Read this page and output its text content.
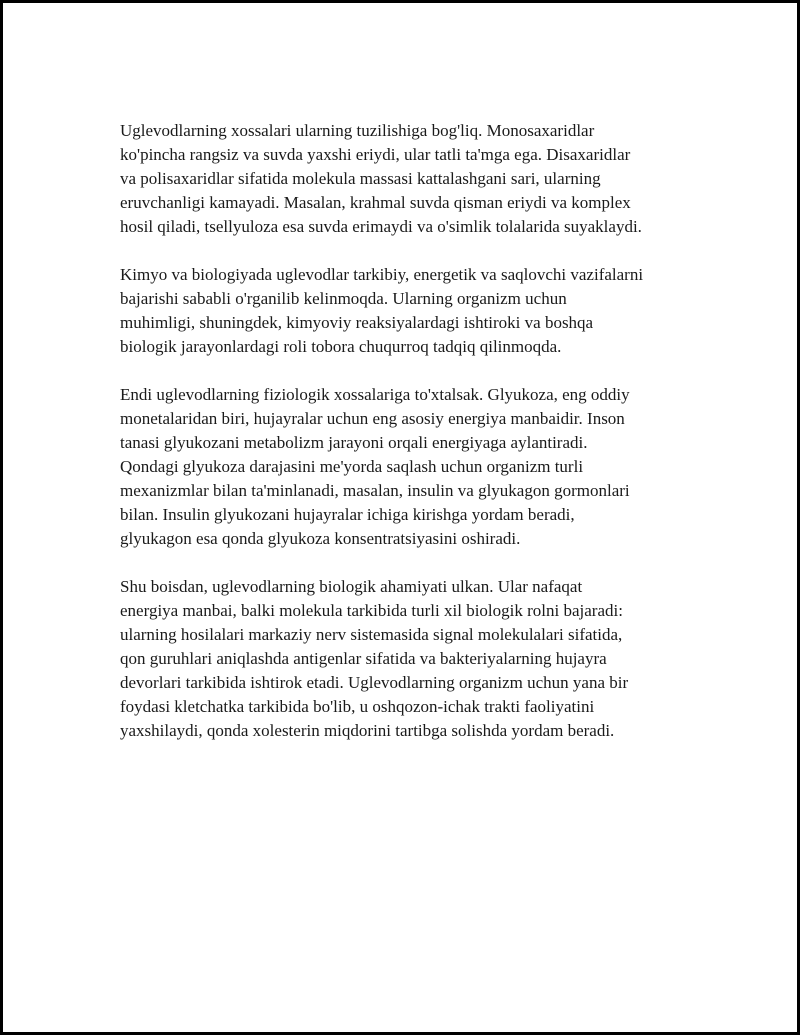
Uglevodlarning xossalari ularning tuzilishiga bog'liq. Monosaxaridlar
ko'pincha rangsiz va suvda yaxshi eriydi, ular tatli ta'mga ega. Disaxaridlar
va polisaxaridlar sifatida molekula massasi kattalashgani sari, ularning
eruvchanligi kamayadi. Masalan, krahmal suvda qisman eriydi va komplex
hosil qiladi, tsellyuloza esa suvda erimaydi va o'simlik tolalarida suyaklaydi.

Kimyo va biologiyada uglevodlar tarkibiy, energetik va saqlovchi vazifalarni
bajarishi sababli o'rganilib kelinmoqda. Ularning organizm uchun
muhimligi, shuningdek, kimyoviy reaksiyalardagi ishtiroki va boshqa
biologik jarayonlardagi roli tobora chuqurroq tadqiq qilinmoqda.

Endi uglevodlarning fiziologik xossalariga to'xtalsak. Glyukoza, eng oddiy
monetalaridan biri, hujayralar uchun eng asosiy energiya manbaidir. Inson
tanasi glyukozani metabolizm jarayoni orqali energiyaga aylantiradi.
Qondagi glyukoza darajasini me'yorda saqlash uchun organizm turli
mexanizmlar bilan ta'minlanadi, masalan, insulin va glyukagon gormonlari
bilan. Insulin glyukozani hujayralar ichiga kirishga yordam beradi,
glyukagon esa qonda glyukoza konsentratsiyasini oshiradi.

Shu boisdan, uglevodlarning biologik ahamiyati ulkan. Ular nafaqat
energiya manbai, balki molekula tarkibida turli xil biologik rolni bajaradi:
ularning hosilalari markaziy nerv sistemasida signal molekulalari sifatida,
qon guruhlari aniqlashda antigenlar sifatida va bakteriyalarning hujayra
devorlari tarkibida ishtirok etadi. Uglevodlarning organizm uchun yana bir
foydasi kletchatka tarkibida bo'lib, u oshqozon-ichak trakti faoliyatini
yaxshilaydi, qonda xolesterin miqdorini tartibga solishda yordam beradi.
